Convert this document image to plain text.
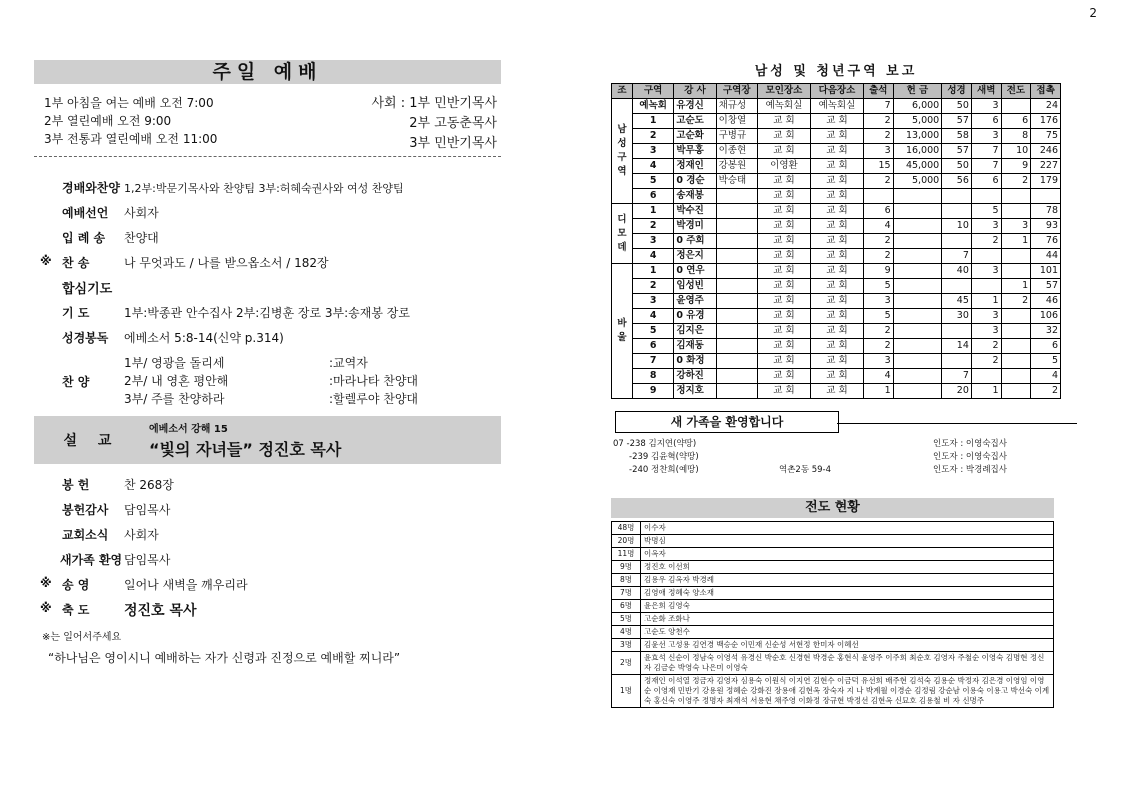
2
주일 예배
1부 아침을 여는 예배 오전 7:00	사회 : 1부 민반기목사
2부 열린예배 오전 9:00	2부 고동춘목사
3부 전통과 열린예배 오전 11:00	3부 민반기목사
경배와찬양 1,2부:박문기목사와 찬양팀 3부:허혜숙권사와 여성 찬양팀
예배선언	사회자
입 례 송	찬양대
※ 찬 송	나 무엇과도 / 나를 받으옵소서 / 182장
합심기도
기 도	1부:박종관 안수집사 2부:김병훈 장로 3부:송재봉 장로
성경봉독	에베소서 5:8-14(신약 p.314)
찬 양
1부/ 영광을 돌리세	:교역자
2부/ 내 영혼 평안해	:마라나타 찬양대
3부/ 주를 찬양하라	:할렐루야 찬양대
설 교
에베소서 강해 15
“빛의 자녀들” 정진호 목사
봉 헌	찬 268장
봉헌감사	담임목사
교회소식	사회자
새가족 환영 담임목사
※ 송 영	일어나 새벽을 깨우리라
※ 축 도	정진호 목사
※는 일어서주세요
“하나님은 영이시니 예배하는 자가 신령과 진정으로 예배할 찌니라”
남성 및 청년구역 보고
조	구역	강 사	구역장	모인장소	다음장소	출석	헌 금	성경	새벽	전도	접촉
남
성
구
역	예녹회	유경신	채규성	예녹회실	예녹회실	7	6,000	50	3		24
	1	고순도	이창열	교 회	교 회	2	5,000	57	6	6	176
	2	고순화	구병규	교 회	교 회	2	13,000	58	3	8	75
	3	박무홍	이종현	교 회	교 회	3	16,000	57	7	10	246
	4	정재인	강봉원	이영환	교 회	15	45,000	50	7	9	227
	5	0 경순	박승태	교 회	교 회	2	5,000	56	6	2	179
	6	송재봉		교 회	교 회						
디
모
데	1	박수진		교 회	교 회	6			5		78
	2	박경미		교 회	교 회	4		10	3	3	93
	3	0 주희		교 회	교 회	2			2	1	76
	4	정은지		교 회	교 회	2		7			44
바
울	1	0 연우		교 회	교 회	9		40	3		101
	2	임성빈		교 회	교 회	5				1	57
	3	윤영주		교 회	교 회	3		45	1	2	46
	4	0 유경		교 회	교 회	5		30	3		106
	5	김지은		교 회	교 회	2			3		32
	6	김재동		교 회	교 회	2		14	2		6
	7	0 화정		교 회	교 회	3			2		5
	8	강하진		교 회	교 회	4		7			4
	9	정지호		교 회	교 회	1		20	1		2
새 가족을 환영합니다
07 -238 김지연(약땅)	인도자 : 이영숙집사
-239 김윤혁(약땅)	인도자 : 이영숙집사
-240 정찬희(예땅)	역촌2동 59-4	인도자 : 박경례집사
전도 현황
48명	이수자
20명	박명심
11명	이옥자
9명	정진호 이선희
8명	김용우 김옥자 박경례
7명	김영애 정혜숙 양소재
6명	윤은희 김영숙
5명	고순화 조화나
4명	고순도 양천수
3명	김윤선 고성용 김연경 백승순 이민재 신순성 서현정 한미자 이혜선
2명	윤효석 신순이 정남숙 이영석 유경신 박순호 신경현 박경순 홍현식 윤영주 이주희 최순호 김영자 주철순 이영숙 김명현 정신자 김금순 박영숙 나은미 이영숙
1명	정재인 이석열 정금자 김영자 심용숙 이원식 이지연 김현수 이금덕 유선희 배주현 김석숙 김용순 박정자 김은경 이영임 이영순 이영재 민반기 강용원 정혜순 강화진 장용애 김현옥 장숙자 지 나 박계월 이경순 김정림 강순남 이용숙 이용고 박선숙 이계숙 홍신숙 이영주 정명자 최재석 서용현 채주영 이화정 장규현 박정선 김현옥 신묘호 김용철 비 자 신명주
